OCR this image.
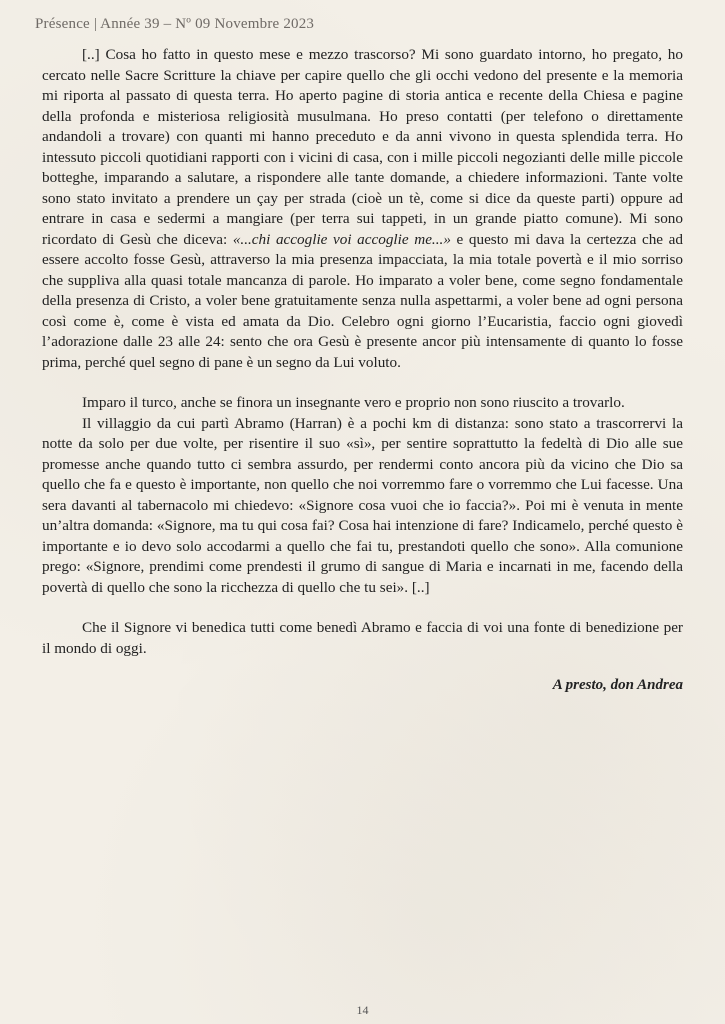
Présence | Année 39 – Nº 09 Novembre 2023

[..] Cosa ho fatto in questo mese e mezzo trascorso? Mi sono guardato intorno, ho pregato, ho cercato nelle Sacre Scritture la chiave per capire quello che gli occhi vedono del presente e la memoria mi riporta al passato di questa terra. Ho aperto pagine di storia antica e recente della Chiesa e pagine della profonda e misteriosa religiosità musulmana. Ho preso contatti (per telefono o direttamente andandoli a trovare) con quanti mi hanno preceduto e da anni vivono in questa splendida terra. Ho intessuto piccoli quotidiani rapporti con i vicini di casa, con i mille piccoli negozianti delle mille piccole botteghe, imparando a salutare, a rispondere alle tante domande, a chiedere informazioni. Tante volte sono stato invitato a prendere un çay per strada (cioè un tè, come si dice da queste parti) oppure ad entrare in casa e sedermi a mangiare (per terra sui tappeti, in un grande piatto comune). Mi sono ricordato di Gesù che diceva: «...chi accoglie voi accoglie me...» e questo mi dava la certezza che ad essere accolto fosse Gesù, attraverso la mia presenza impacciata, la mia totale povertà e il mio sorriso che suppliva alla quasi totale mancanza di parole. Ho imparato a voler bene, come segno fondamentale della presenza di Cristo, a voler bene gratuitamente senza nulla aspettarmi, a voler bene ad ogni persona così come è, come è vista ed amata da Dio. Celebro ogni giorno l’Eucaristia, faccio ogni giovedì l’adorazione dalle 23 alle 24: sento che ora Gesù è presente ancor più intensamente di quanto lo fosse prima, perché quel segno di pane è un segno da Lui voluto.

Imparo il turco, anche se finora un insegnante vero e proprio non sono riuscito a trovarlo.

Il villaggio da cui partì Abramo (Harran) è a pochi km di distanza: sono stato a trascorrervi la notte da solo per due volte, per risentire il suo «sì», per sentire soprattutto la fedeltà di Dio alle sue promesse anche quando tutto ci sembra assurdo, per rendermi conto ancora più da vicino che Dio sa quello che fa e questo è importante, non quello che noi vorremmo fare o vorremmo che Lui facesse. Una sera davanti al tabernacolo mi chiedevo: «Signore cosa vuoi che io faccia?». Poi mi è venuta in mente un’altra domanda: «Signore, ma tu qui cosa fai? Cosa hai intenzione di fare? Indicamelo, perché questo è importante e io devo solo accodarmi a quello che fai tu, prestandoti quello che sono». Alla comunione prego: «Signore, prendimi come prendesti il grumo di sangue di Maria e incarnati in me, facendo della povertà di quello che sono la ricchezza di quello che tu sei». [..]

Che il Signore vi benedica tutti come benedì Abramo e faccia di voi una fonte di benedizione per il mondo di oggi.

A presto, don Andrea
14
